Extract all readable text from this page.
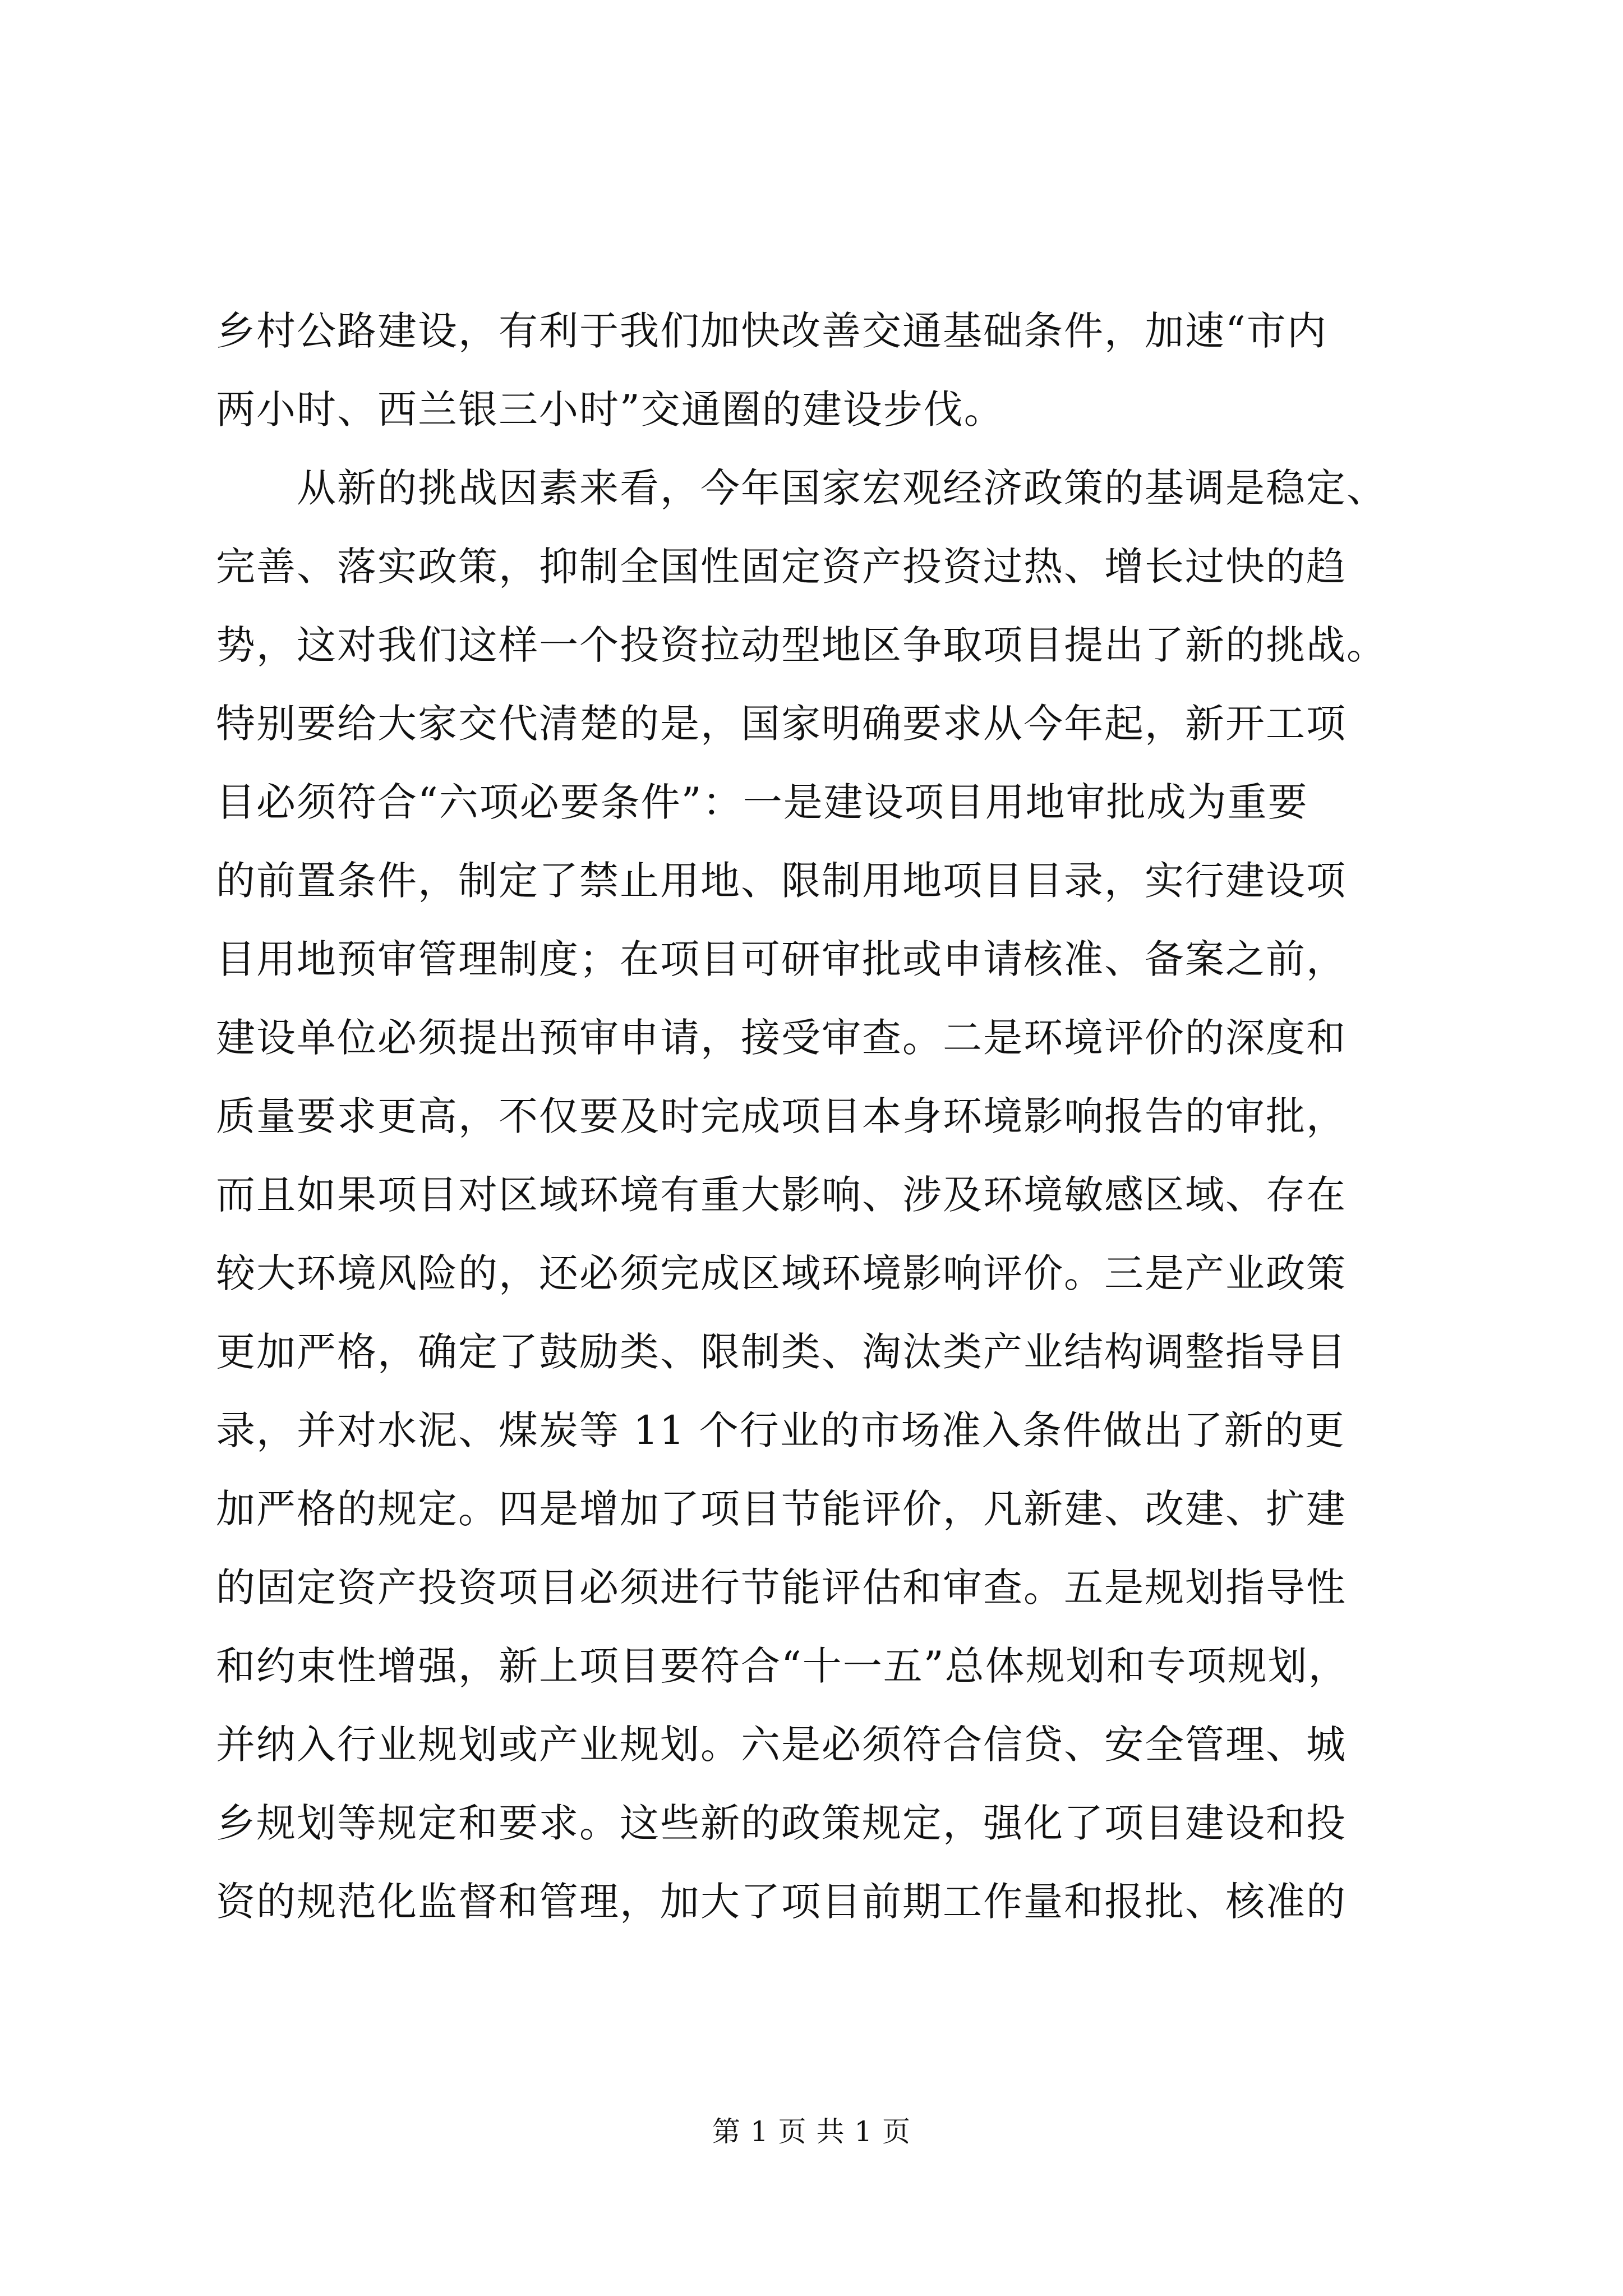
乡村公路建设，有利于我们加快改善交通基础条件，加速“市内
两小时、西兰银三小时”交通圈的建设步伐。
　　从新的挑战因素来看，今年国家宏观经济政策的基调是稳定、
完善、落实政策，抑制全国性固定资产投资过热、增长过快的趋
势，这对我们这样一个投资拉动型地区争取项目提出了新的挑战。
特别要给大家交代清楚的是，国家明确要求从今年起，新开工项
目必须符合“六项必要条件”：一是建设项目用地审批成为重要
的前置条件，制定了禁止用地、限制用地项目目录，实行建设项
目用地预审管理制度；在项目可研审批或申请核准、备案之前，
建设单位必须提出预审申请，接受审查。二是环境评价的深度和
质量要求更高，不仅要及时完成项目本身环境影响报告的审批，
而且如果项目对区域环境有重大影响、涉及环境敏感区域、存在
较大环境风险的，还必须完成区域环境影响评价。三是产业政策
更加严格，确定了鼓励类、限制类、淘汰类产业结构调整指导目
录，并对水泥、煤炭等 11 个行业的市场准入条件做出了新的更
加严格的规定。四是增加了项目节能评价，凡新建、改建、扩建
的固定资产投资项目必须进行节能评估和审查。五是规划指导性
和约束性增强，新上项目要符合“十一五”总体规划和专项规划，
并纳入行业规划或产业规划。六是必须符合信贷、安全管理、城
乡规划等规定和要求。这些新的政策规定，强化了项目建设和投
资的规范化监督和管理，加大了项目前期工作量和报批、核准的
第 1 页 共 1 页
